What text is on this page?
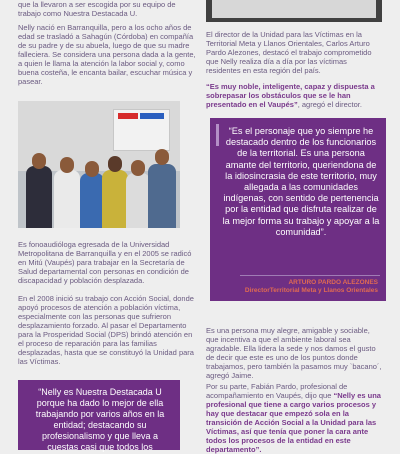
que la llevaron a ser escogida por su equipo de trabajo como Nuestra Destacada U.

Nelly nació en Barranquilla, pero a los ocho años de edad se trasladó a Sahagún (Córdoba) en compañía de su padre y de su abuela, luego de que su madre falleciera. Se considera una persona dada a la gente, a quien le llama la atención la labor social y, como buena costeña, le encanta bailar, escuchar música y pasear.

Es fonoaudióloga egresada de la Universidad Metropolitana de Barranquilla y en el 2005 se radicó en Mitú (Vaupés) para trabajar en la Secretaría de Salud departamental con personas en condición de discapacidad y población desplazada.

En el 2008 inició su trabajo con Acción Social, donde apoyó procesos de atención a población víctima, especialmente con las personas que sufrieron desplazamiento forzado. Al pasar el Departamento para la Prosperidad Social (DPS) brindó atención en el proceso de reparación para las familias desplazadas, hasta que se constituyó la Unidad para las Víctimas.

“Nelly es Nuestra Destacada U porque ha dado lo mejor de ella trabajando por varios años en la entidad; destacando su profesionalismo y que lleva a cuestas casi que todos los

El director de la Unidad para las Víctimas en la Territorial Meta y Llanos Orientales, Carlos Arturo Pardo Alezones, destacó el trabajo comprometido que Nelly realiza día a día por las víctimas residentes en esta región del país.

“Es muy noble, inteligente, capaz y dispuesta a sobrepasar los obstáculos que se le han presentado en el Vaupés”, agregó el director.

“Es el personaje que yo siempre he destacado dentro de los funcionarios de la territorial. Es una persona amante del territorio, queriendona de la idiosincrasia de este territorio, muy allegada a las comunidades indígenas, con sentido de pertenencia por la entidad que disfruta realizar de la mejor forma su trabajo y apoyar a la comunidad”.
ARTURO PARDO ALEZONES
DirectorTerritorial Meta y Llanos Orientales

Es una persona muy alegre, amigable y sociable, que incentiva a que el ambiente laboral sea agradable. Ella lidera la sede y nos damos el gusto de decir que este es uno de los puntos donde trabajamos, pero también la pasamos muy `bacano´, agregó Jaime.

Por su parte, Fabián Pardo, profesional de acompañamiento en Vaupés, dijo que “Nelly es una profesional que tiene a cargo varios procesos y hay que destacar que empezó sola en la transición de Acción Social a la Unidad para las Víctimas, así que tenía que poner la cara ante todos los procesos de la entidad en este departamento”.
